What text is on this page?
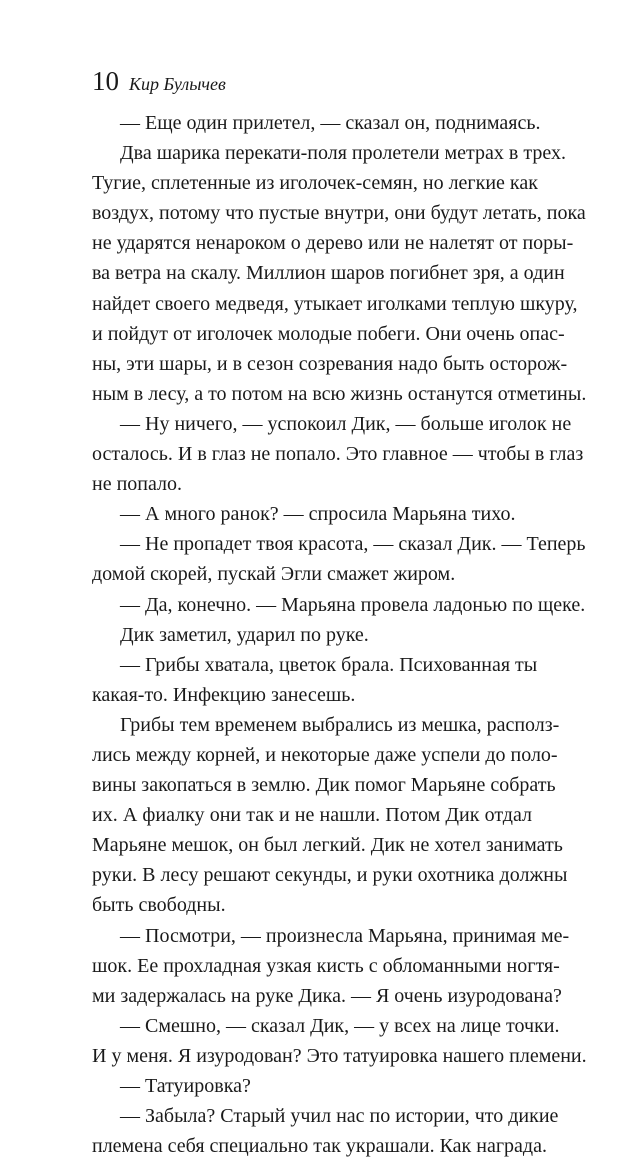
10 Кир Булычев
— Еще один прилетел, — сказал он, поднимаясь.
Два шарика перекати-поля пролетели метрах в трех.
Тугие, сплетенные из иголочек-семян, но легкие как
воздух, потому что пустые внутри, они будут летать, пока
не ударятся ненароком о дерево или не налетят от поры-
ва ветра на скалу. Миллион шаров погибнет зря, а один
найдет своего медведя, утыкает иголками теплую шкуру,
и пойдут от иголочек молодые побеги. Они очень опас-
ны, эти шары, и в сезон созревания надо быть осторож-
ным в лесу, а то потом на всю жизнь останутся отметины.
— Ну ничего, — успокоил Дик, — больше иголок не
осталось. И в глаз не попало. Это главное — чтобы в глаз
не попало.
— А много ранок? — спросила Марьяна тихо.
— Не пропадет твоя красота, — сказал Дик. — Теперь
домой скорей, пускай Эгли смажет жиром.
— Да, конечно. — Марьяна провела ладонью по щеке.
Дик заметил, ударил по руке.
— Грибы хватала, цветок брала. Психованная ты
какая-то. Инфекцию занесешь.
Грибы тем временем выбрались из мешка, располз-
лись между корней, и некоторые даже успели до поло-
вины закопаться в землю. Дик помог Марьяне собрать
их. А фиалку они так и не нашли. Потом Дик отдал
Марьяне мешок, он был легкий. Дик не хотел занимать
руки. В лесу решают секунды, и руки охотника должны
быть свободны.
— Посмотри, — произнесла Марьяна, принимая ме-
шок. Ее прохладная узкая кисть с обломанными ногтя-
ми задержалась на руке Дика. — Я очень изуродована?
— Смешно, — сказал Дик, — у всех на лице точки.
И у меня. Я изуродован? Это татуировка нашего племени.
— Татуировка?
— Забыла? Старый учил нас по истории, что дикие
племена себя специально так украшали. Как награда.
